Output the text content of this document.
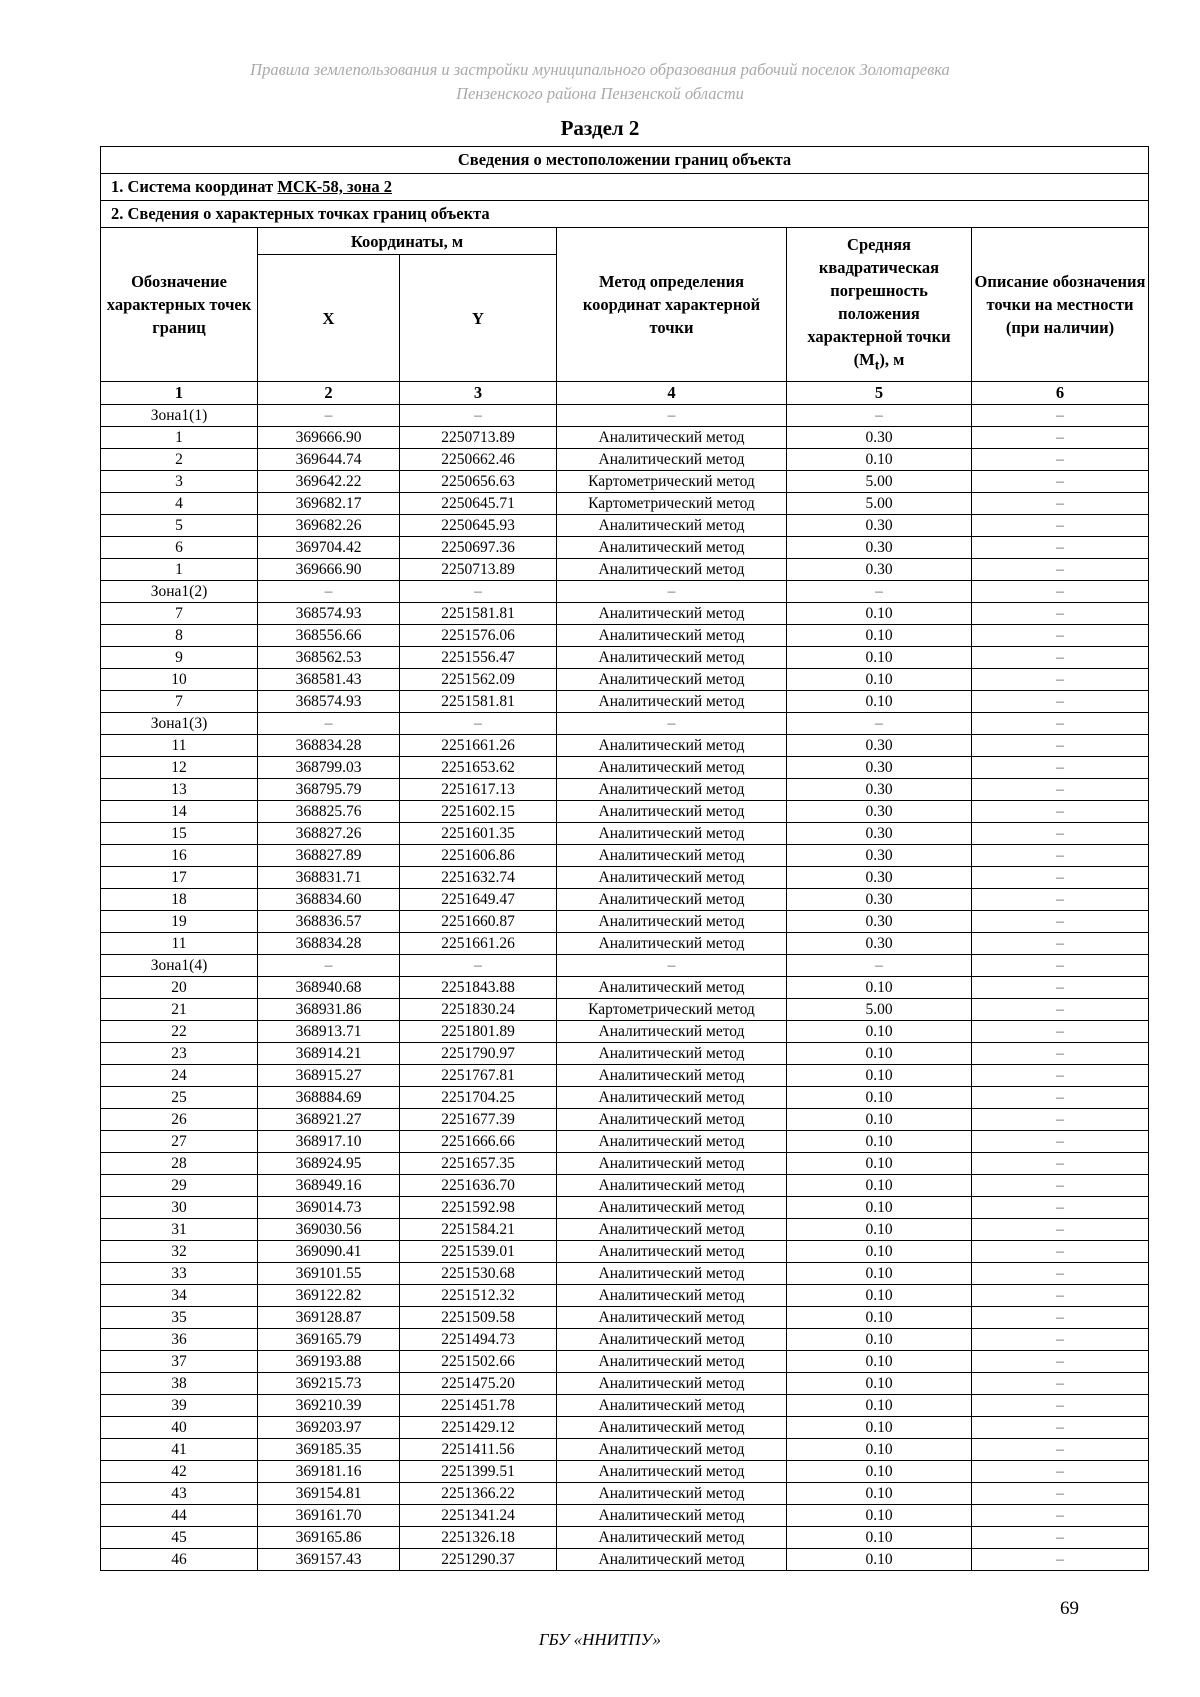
Правила землепользования и застройки муниципального образования рабочий поселок Золотаревка
Пензенского района Пензенской области
Раздел 2
Сведения о местоположении границ объекта					
1. Система координат МСК-58, зона 2					
2. Сведения о характерных точках границ объекта					
Обозначение характерных точек границ	Координаты, м		Метод определения координат характерной точки	Средняя квадратическая погрешность положения характерной точки $(М_t)$, м	Описание обозначения точки на местности (при наличии)
	X	Y			
1	2	3	4	5	6
Зона1(1)	–	–	–	–	–
1	369666.90	2250713.89	Аналитический метод	0.30	–
2	369644.74	2250662.46	Аналитический метод	0.10	–
3	369642.22	2250656.63	Картометрический метод	5.00	–
4	369682.17	2250645.71	Картометрический метод	5.00	–
5	369682.26	2250645.93	Аналитический метод	0.30	–
6	369704.42	2250697.36	Аналитический метод	0.30	–
1	369666.90	2250713.89	Аналитический метод	0.30	–
Зона1(2)	–	–	–	–	–
7	368574.93	2251581.81	Аналитический метод	0.10	–
8	368556.66	2251576.06	Аналитический метод	0.10	–
9	368562.53	2251556.47	Аналитический метод	0.10	–
10	368581.43	2251562.09	Аналитический метод	0.10	–
7	368574.93	2251581.81	Аналитический метод	0.10	–
Зона1(3)	–	–	–	–	–
11	368834.28	2251661.26	Аналитический метод	0.30	–
12	368799.03	2251653.62	Аналитический метод	0.30	–
13	368795.79	2251617.13	Аналитический метод	0.30	–
14	368825.76	2251602.15	Аналитический метод	0.30	–
15	368827.26	2251601.35	Аналитический метод	0.30	–
16	368827.89	2251606.86	Аналитический метод	0.30	–
17	368831.71	2251632.74	Аналитический метод	0.30	–
18	368834.60	2251649.47	Аналитический метод	0.30	–
19	368836.57	2251660.87	Аналитический метод	0.30	–
11	368834.28	2251661.26	Аналитический метод	0.30	–
Зона1(4)	–	–	–	–	–
20	368940.68	2251843.88	Аналитический метод	0.10	–
21	368931.86	2251830.24	Картометрический метод	5.00	–
22	368913.71	2251801.89	Аналитический метод	0.10	–
23	368914.21	2251790.97	Аналитический метод	0.10	–
24	368915.27	2251767.81	Аналитический метод	0.10	–
25	368884.69	2251704.25	Аналитический метод	0.10	–
26	368921.27	2251677.39	Аналитический метод	0.10	–
27	368917.10	2251666.66	Аналитический метод	0.10	–
28	368924.95	2251657.35	Аналитический метод	0.10	–
29	368949.16	2251636.70	Аналитический метод	0.10	–
30	369014.73	2251592.98	Аналитический метод	0.10	–
31	369030.56	2251584.21	Аналитический метод	0.10	–
32	369090.41	2251539.01	Аналитический метод	0.10	–
33	369101.55	2251530.68	Аналитический метод	0.10	–
34	369122.82	2251512.32	Аналитический метод	0.10	–
35	369128.87	2251509.58	Аналитический метод	0.10	–
36	369165.79	2251494.73	Аналитический метод	0.10	–
37	369193.88	2251502.66	Аналитический метод	0.10	–
38	369215.73	2251475.20	Аналитический метод	0.10	–
39	369210.39	2251451.78	Аналитический метод	0.10	–
40	369203.97	2251429.12	Аналитический метод	0.10	–
41	369185.35	2251411.56	Аналитический метод	0.10	–
42	369181.16	2251399.51	Аналитический метод	0.10	–
43	369154.81	2251366.22	Аналитический метод	0.10	–
44	369161.70	2251341.24	Аналитический метод	0.10	–
45	369165.86	2251326.18	Аналитический метод	0.10	–
46	369157.43	2251290.37	Аналитический метод	0.10	–
69
ГБУ «ННИТПУ»
